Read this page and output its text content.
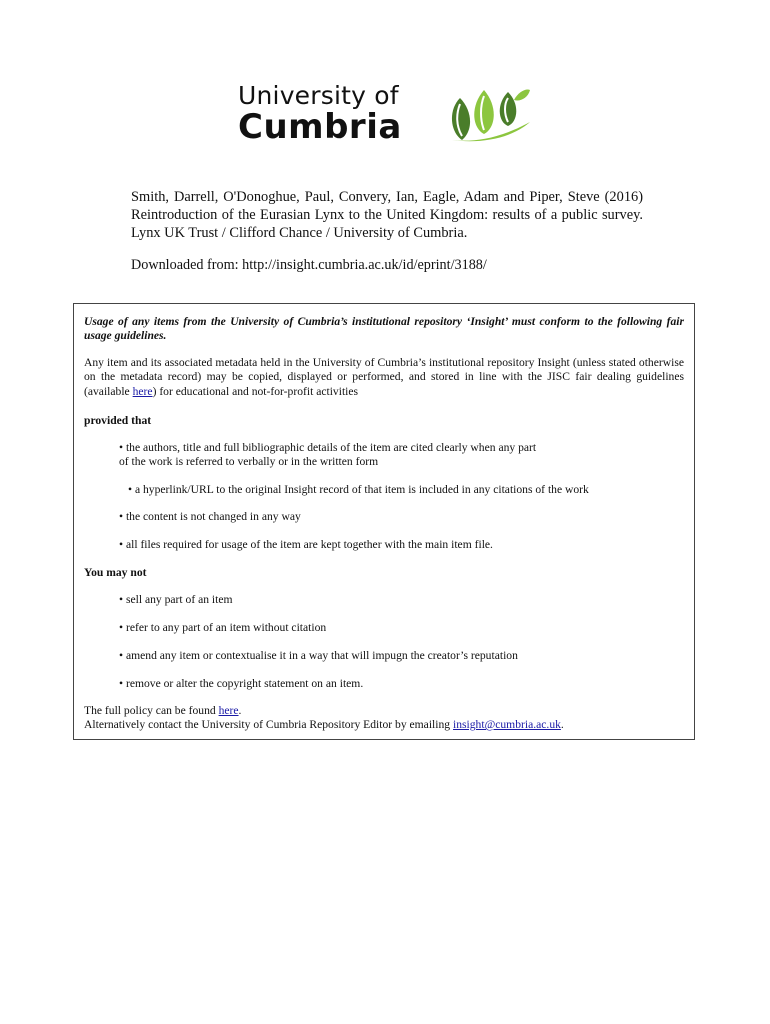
University of
Cumbria
Smith, Darrell, O'Donoghue, Paul, Convery, Ian, Eagle, Adam and Piper, Steve (2016) Reintroduction of the Eurasian Lynx to the United Kingdom: results of a public survey. Lynx UK Trust / Clifford Chance / University of Cumbria.
Downloaded from: http://insight.cumbria.ac.uk/id/eprint/3188/
Usage of any items from the University of Cumbria’s institutional repository ‘Insight’ must conform to the following fair usage guidelines.
Any item and its associated metadata held in the University of Cumbria’s institutional repository Insight (unless stated otherwise on the metadata record) may be copied, displayed or performed, and stored in line with the JISC fair dealing guidelines (available here) for educational and not-for-profit activities
provided that
• the authors, title and full bibliographic details of the item are cited clearly when any part
of the work is referred to verbally or in the written form
• a hyperlink/URL to the original Insight record of that item is included in any citations of the work
• the content is not changed in any way
• all files required for usage of the item are kept together with the main item file.
You may not
• sell any part of an item
• refer to any part of an item without citation
• amend any item or contextualise it in a way that will impugn the creator’s reputation
• remove or alter the copyright statement on an item.
The full policy can be found here.
Alternatively contact the University of Cumbria Repository Editor by emailing insight@cumbria.ac.uk.
